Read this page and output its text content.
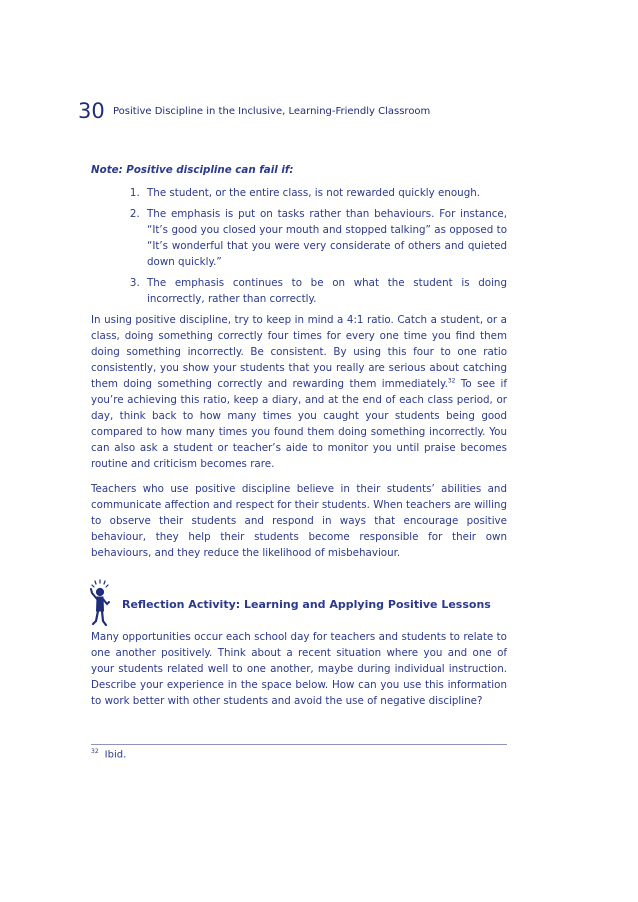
30 Positive Discipline in the Inclusive, Learning-Friendly Classroom
Note: Positive discipline can fail if:
1. The student, or the entire class, is not rewarded quickly enough.
2. The emphasis is put on tasks rather than behaviours. For instance, “It’s good you closed your mouth and stopped talking” as opposed to “It’s wonderful that you were very considerate of others and quieted down quickly.”
3. The emphasis continues to be on what the student is doing incorrectly, rather than correctly.

In using positive discipline, try to keep in mind a 4:1 ratio. Catch a student, or a class, doing something correctly four times for every one time you find them doing something incorrectly. Be consistent. By using this four to one ratio consistently, you show your students that you really are serious about catching them doing something correctly and rewarding them immediately.$^{32}$ To see if you’re achieving this ratio, keep a diary, and at the end of each class period, or day, think back to how many times you caught your students being good compared to how many times you found them doing something incorrectly. You can also ask a student or teacher’s aide to monitor you until praise becomes routine and criticism becomes rare.

Teachers who use positive discipline believe in their students’ abilities and communicate affection and respect for their students. When teachers are willing to observe their students and respond in ways that encourage positive behaviour, they help their students become responsible for their own behaviours, and they reduce the likelihood of misbehaviour.

Reflection Activity: Learning and Applying Positive Lessons

Many opportunities occur each school day for teachers and students to relate to one another positively. Think about a recent situation where you and one of your students related well to one another, maybe during individual instruction. Describe your experience in the space below. How can you use this information to work better with other students and avoid the use of negative discipline?

$^{32}$ Ibid.
